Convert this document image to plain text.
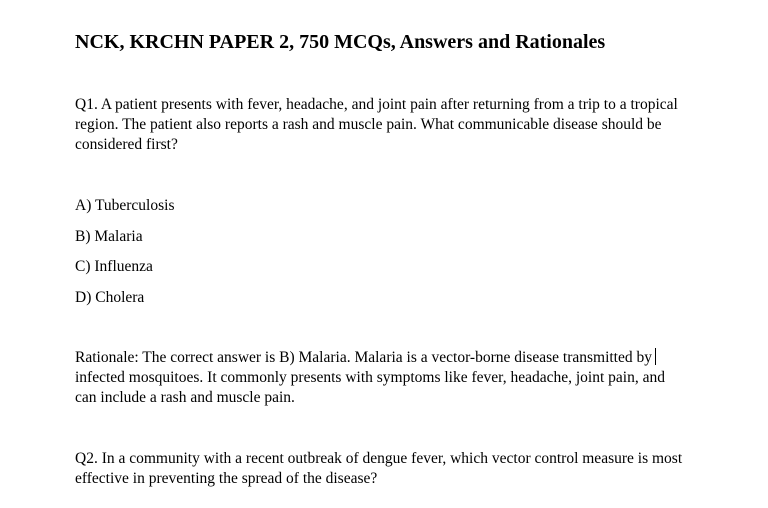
NCK, KRCHN PAPER 2, 750 MCQs, Answers and Rationales

Q1. A patient presents with fever, headache, and joint pain after returning from a trip to a tropical region. The patient also reports a rash and muscle pain. What communicable disease should be considered first?

A) Tuberculosis
B) Malaria
C) Influenza
D) Cholera

Rationale: The correct answer is B) Malaria. Malaria is a vector-borne disease transmitted by infected mosquitoes. It commonly presents with symptoms like fever, headache, joint pain, and can include a rash and muscle pain.

Q2. In a community with a recent outbreak of dengue fever, which vector control measure is most effective in preventing the spread of the disease?
